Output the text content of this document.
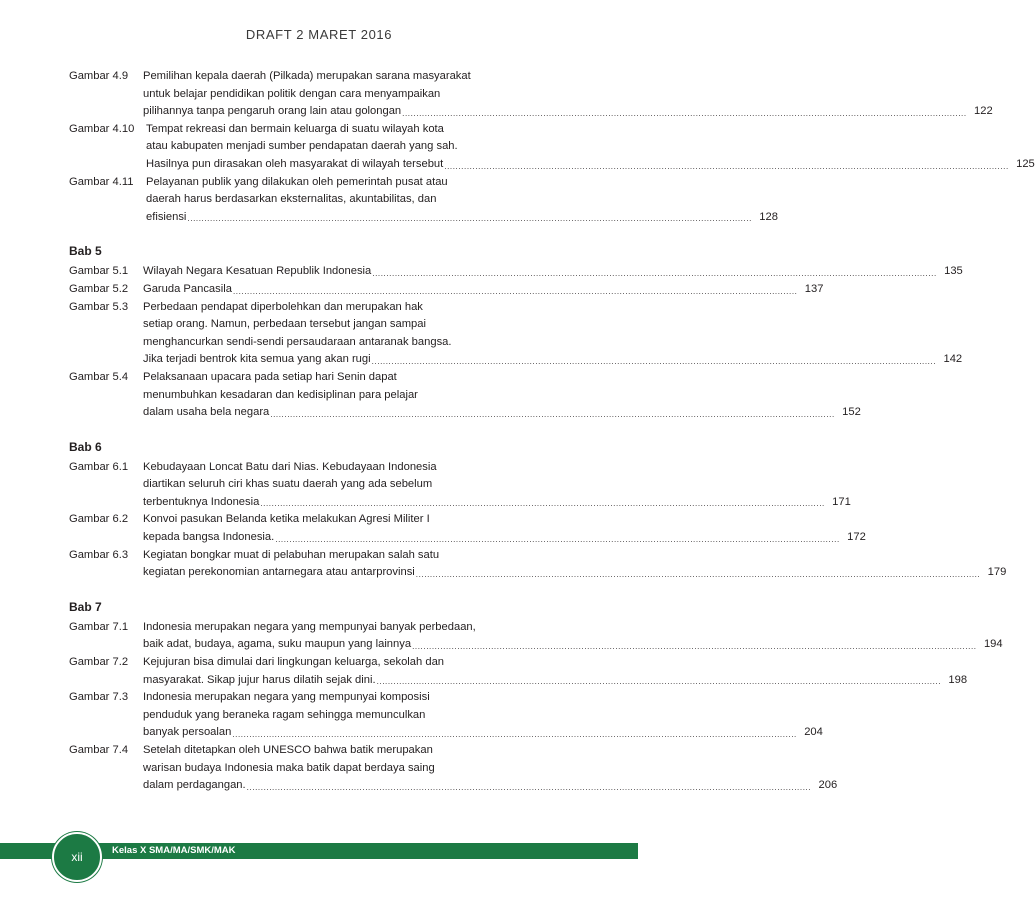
DRAFT 2 MARET 2016
Gambar 4.9	Pemilihan kepala daerah (Pilkada) merupakan sarana masyarakat
untuk belajar pendidikan politik dengan cara menyampaikan
pilihannya tanpa pengaruh orang lain atau golongan ........................................................................................................................................................................................................ 122
Gambar 4.10	Tempat rekreasi dan bermain keluarga di suatu wilayah kota
atau kabupaten menjadi sumber pendapatan daerah yang sah.
Hasilnya pun dirasakan oleh masyarakat di wilayah tersebut ........................................................................................................................................................................................................ 125
Gambar 4.11	Pelayanan publik yang dilakukan oleh pemerintah pusat atau
daerah harus berdasarkan eksternalitas, akuntabilitas, dan
efisiensi ........................................................................................................................................................................................................ 128
Bab 5
Gambar 5.1 Wilayah Negara Kesatuan Republik Indonesia ........................................................................................................................................................................................................ 135
Gambar 5.2 Garuda Pancasila ........................................................................................................................................................................................................ 137
Gambar 5.3	Perbedaan pendapat diperbolehkan dan merupakan hak
setiap orang. Namun, perbedaan tersebut jangan sampai
menghancurkan sendi-sendi persaudaraan antaranak bangsa.
Jika terjadi bentrok kita semua yang akan rugi ........................................................................................................................................................................................................ 142
Gambar 5.4	Pelaksanaan upacara pada setiap hari Senin dapat
menumbuhkan kesadaran dan kedisiplinan para pelajar
dalam usaha bela negara ........................................................................................................................................................................................................ 152
Bab 6
Gambar 6.1	Kebudayaan Loncat Batu dari Nias. Kebudayaan Indonesia
diartikan seluruh ciri khas suatu daerah yang ada sebelum
terbentuknya Indonesia ........................................................................................................................................................................................................ 171
Gambar 6.2	Konvoi pasukan Belanda ketika melakukan Agresi Militer I
kepada bangsa Indonesia. ........................................................................................................................................................................................................ 172
Gambar 6.3	Kegiatan bongkar muat di pelabuhan merupakan salah satu
kegiatan perekonomian antarnegara atau antarprovinsi ........................................................................................................................................................................................................ 179
Bab 7
Gambar 7.1	Indonesia merupakan negara yang mempunyai banyak perbedaan,
baik adat, budaya, agama, suku maupun yang lainnya ........................................................................................................................................................................................................ 194
Gambar 7.2	Kejujuran bisa dimulai dari lingkungan keluarga, sekolah dan
masyarakat. Sikap jujur harus dilatih sejak dini. ........................................................................................................................................................................................................ 198
Gambar 7.3	Indonesia merupakan negara yang mempunyai komposisi
penduduk yang beraneka ragam sehingga memunculkan
banyak persoalan ........................................................................................................................................................................................................ 204
Gambar 7.4	Setelah ditetapkan oleh UNESCO bahwa batik merupakan
warisan budaya Indonesia maka batik dapat berdaya saing
dalam perdagangan. ........................................................................................................................................................................................................ 206
xii	Kelas X SMA/MA/SMK/MAK
